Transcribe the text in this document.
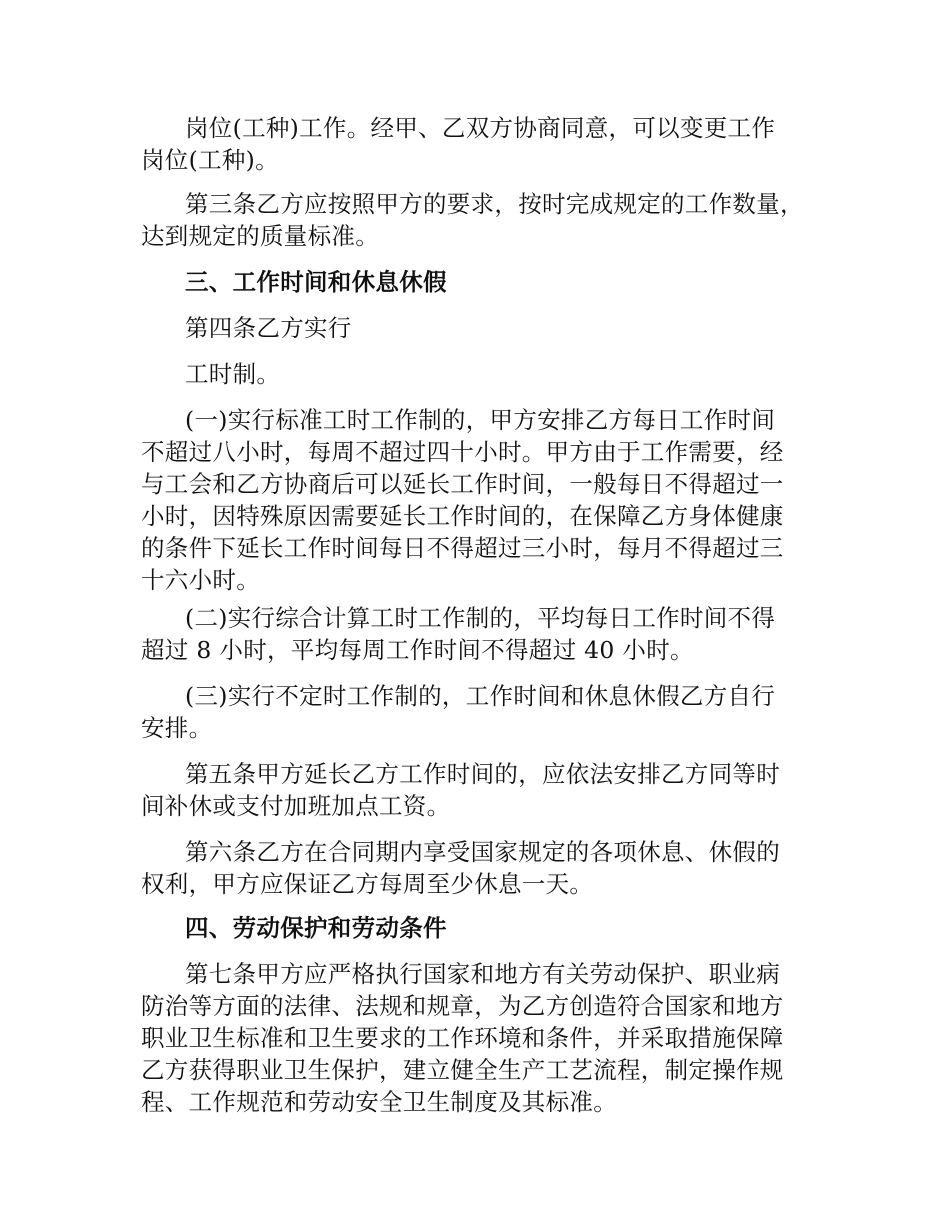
岗位(工种)工作。经甲、乙双方协商同意，可以变更工作
岗位(工种)。
第三条乙方应按照甲方的要求，按时完成规定的工作数量，
达到规定的质量标准。
三、工作时间和休息休假
第四条乙方实行
工时制。
(一)实行标准工时工作制的，甲方安排乙方每日工作时间
不超过八小时，每周不超过四十小时。甲方由于工作需要，经
与工会和乙方协商后可以延长工作时间，一般每日不得超过一
小时，因特殊原因需要延长工作时间的，在保障乙方身体健康
的条件下延长工作时间每日不得超过三小时，每月不得超过三
十六小时。
(二)实行综合计算工时工作制的，平均每日工作时间不得
超过 8 小时，平均每周工作时间不得超过 40 小时。
(三)实行不定时工作制的，工作时间和休息休假乙方自行
安排。
第五条甲方延长乙方工作时间的，应依法安排乙方同等时
间补休或支付加班加点工资。
第六条乙方在合同期内享受国家规定的各项休息、休假的
权利，甲方应保证乙方每周至少休息一天。
四、劳动保护和劳动条件
第七条甲方应严格执行国家和地方有关劳动保护、职业病
防治等方面的法律、法规和规章，为乙方创造符合国家和地方
职业卫生标准和卫生要求的工作环境和条件，并采取措施保障
乙方获得职业卫生保护，建立健全生产工艺流程，制定操作规
程、工作规范和劳动安全卫生制度及其标准。
